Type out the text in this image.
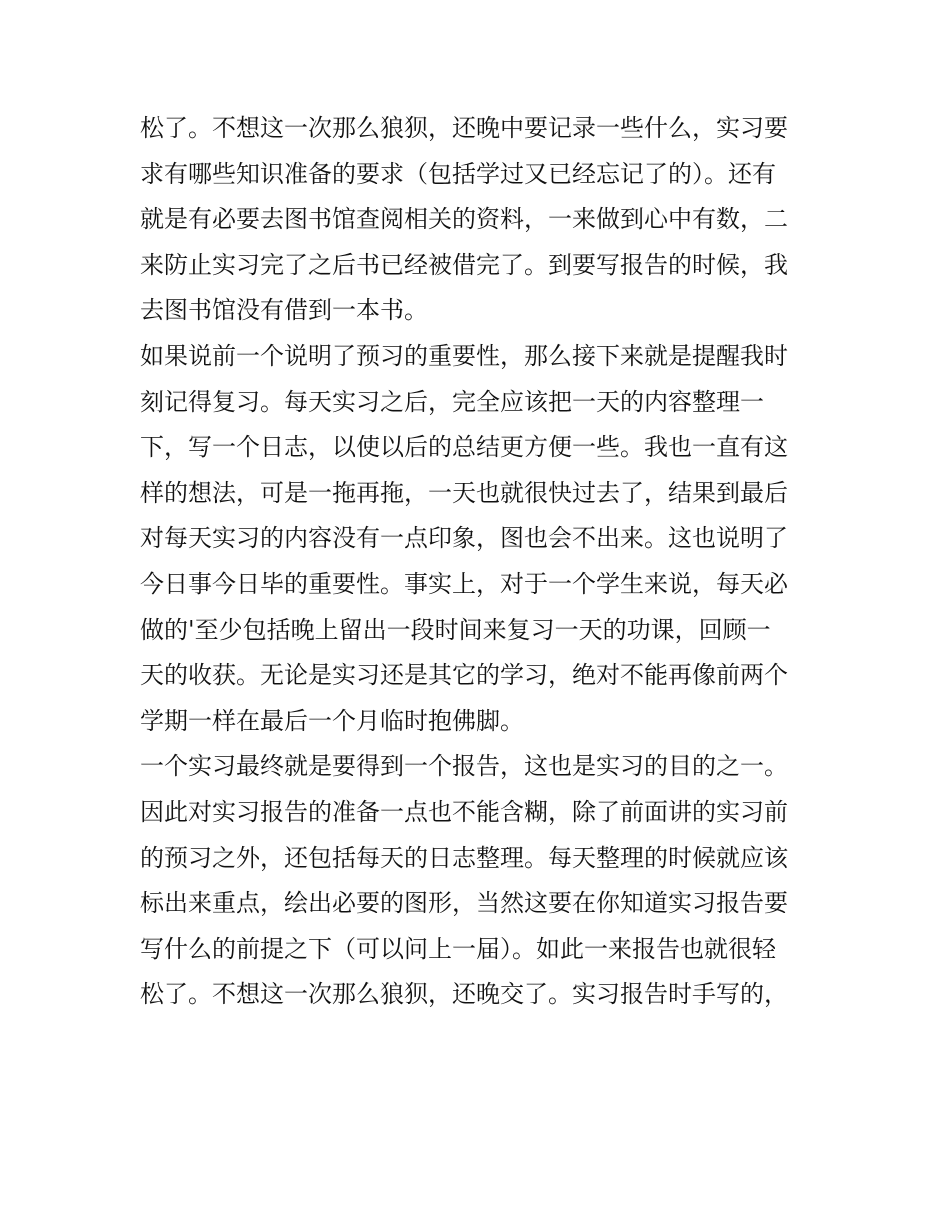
松了。不想这一次那么狼狈，还晚中要记录一些什么，实习要
求有哪些知识准备的要求（包括学过又已经忘记了的）。还有
就是有必要去图书馆查阅相关的资料，一来做到心中有数，二
来防止实习完了之后书已经被借完了。到要写报告的时候，我
去图书馆没有借到一本书。
如果说前一个说明了预习的重要性，那么接下来就是提醒我时
刻记得复习。每天实习之后，完全应该把一天的内容整理一
下，写一个日志，以使以后的总结更方便一些。我也一直有这
样的想法，可是一拖再拖，一天也就很快过去了，结果到最后
对每天实习的内容没有一点印象，图也会不出来。这也说明了
今日事今日毕的重要性。事实上，对于一个学生来说，每天必
做的'至少包括晚上留出一段时间来复习一天的功课，回顾一
天的收获。无论是实习还是其它的学习，绝对不能再像前两个
学期一样在最后一个月临时抱佛脚。
一个实习最终就是要得到一个报告，这也是实习的目的之一。
因此对实习报告的准备一点也不能含糊，除了前面讲的实习前
的预习之外，还包括每天的日志整理。每天整理的时候就应该
标出来重点，绘出必要的图形，当然这要在你知道实习报告要
写什么的前提之下（可以问上一届）。如此一来报告也就很轻
松了。不想这一次那么狼狈，还晚交了。实习报告时手写的，
